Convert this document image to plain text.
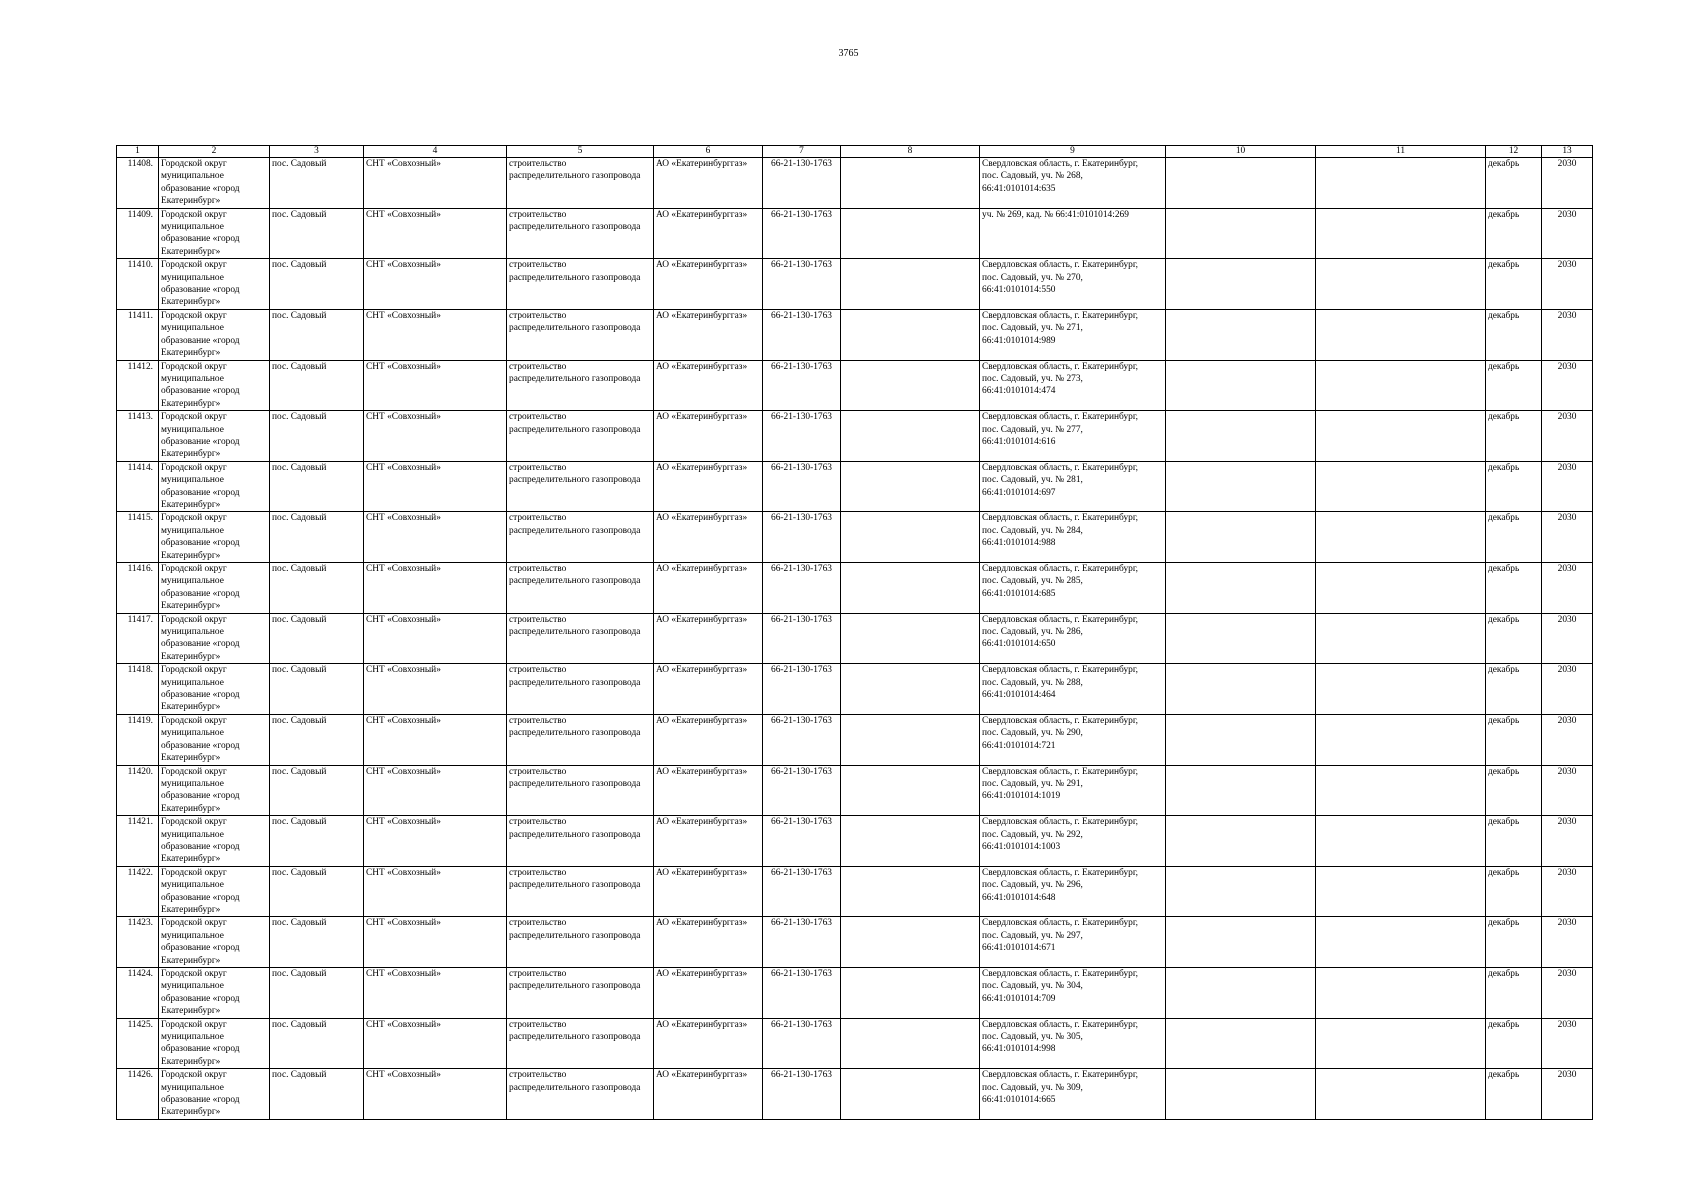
3765
1	2	3	4	5	6	7	8	9	10	11	12	13
11408.	Городской округ
муниципальное
образование «город
Екатеринбург»	пос. Садовый	СНТ «Совхозный»	строительство
распределительного газопровода	АО «Екатеринбурггаз»	66-21-130-1763		Свердловская область, г. Екатеринбург,
пос. Садовый, уч. № 268,
66:41:0101014:635			декабрь	2030
11409.	Городской округ
муниципальное
образование «город
Екатеринбург»	пос. Садовый	СНТ «Совхозный»	строительство
распределительного газопровода	АО «Екатеринбурггаз»	66-21-130-1763		уч. № 269, кад. № 66:41:0101014:269			декабрь	2030
11410.	Городской округ
муниципальное
образование «город
Екатеринбург»	пос. Садовый	СНТ «Совхозный»	строительство
распределительного газопровода	АО «Екатеринбурггаз»	66-21-130-1763		Свердловская область, г. Екатеринбург,
пос. Садовый, уч. № 270,
66:41:0101014:550			декабрь	2030
11411.	Городской округ
муниципальное
образование «город
Екатеринбург»	пос. Садовый	СНТ «Совхозный»	строительство
распределительного газопровода	АО «Екатеринбурггаз»	66-21-130-1763		Свердловская область, г. Екатеринбург,
пос. Садовый, уч. № 271,
66:41:0101014:989			декабрь	2030
11412.	Городской округ
муниципальное
образование «город
Екатеринбург»	пос. Садовый	СНТ «Совхозный»	строительство
распределительного газопровода	АО «Екатеринбурггаз»	66-21-130-1763		Свердловская область, г. Екатеринбург,
пос. Садовый, уч. № 273,
66:41:0101014:474			декабрь	2030
11413.	Городской округ
муниципальное
образование «город
Екатеринбург»	пос. Садовый	СНТ «Совхозный»	строительство
распределительного газопровода	АО «Екатеринбурггаз»	66-21-130-1763		Свердловская область, г. Екатеринбург,
пос. Садовый, уч. № 277,
66:41:0101014:616			декабрь	2030
11414.	Городской округ
муниципальное
образование «город
Екатеринбург»	пос. Садовый	СНТ «Совхозный»	строительство
распределительного газопровода	АО «Екатеринбурггаз»	66-21-130-1763		Свердловская область, г. Екатеринбург,
пос. Садовый, уч. № 281,
66:41:0101014:697			декабрь	2030
11415.	Городской округ
муниципальное
образование «город
Екатеринбург»	пос. Садовый	СНТ «Совхозный»	строительство
распределительного газопровода	АО «Екатеринбурггаз»	66-21-130-1763		Свердловская область, г. Екатеринбург,
пос. Садовый, уч. № 284,
66:41:0101014:988			декабрь	2030
11416.	Городской округ
муниципальное
образование «город
Екатеринбург»	пос. Садовый	СНТ «Совхозный»	строительство
распределительного газопровода	АО «Екатеринбурггаз»	66-21-130-1763		Свердловская область, г. Екатеринбург,
пос. Садовый, уч. № 285,
66:41:0101014:685			декабрь	2030
11417.	Городской округ
муниципальное
образование «город
Екатеринбург»	пос. Садовый	СНТ «Совхозный»	строительство
распределительного газопровода	АО «Екатеринбурггаз»	66-21-130-1763		Свердловская область, г. Екатеринбург,
пос. Садовый, уч. № 286,
66:41:0101014:650			декабрь	2030
11418.	Городской округ
муниципальное
образование «город
Екатеринбург»	пос. Садовый	СНТ «Совхозный»	строительство
распределительного газопровода	АО «Екатеринбурггаз»	66-21-130-1763		Свердловская область, г. Екатеринбург,
пос. Садовый, уч. № 288,
66:41:0101014:464			декабрь	2030
11419.	Городской округ
муниципальное
образование «город
Екатеринбург»	пос. Садовый	СНТ «Совхозный»	строительство
распределительного газопровода	АО «Екатеринбурггаз»	66-21-130-1763		Свердловская область, г. Екатеринбург,
пос. Садовый, уч. № 290,
66:41:0101014:721			декабрь	2030
11420.	Городской округ
муниципальное
образование «город
Екатеринбург»	пос. Садовый	СНТ «Совхозный»	строительство
распределительного газопровода	АО «Екатеринбурггаз»	66-21-130-1763		Свердловская область, г. Екатеринбург,
пос. Садовый, уч. № 291,
66:41:0101014:1019			декабрь	2030
11421.	Городской округ
муниципальное
образование «город
Екатеринбург»	пос. Садовый	СНТ «Совхозный»	строительство
распределительного газопровода	АО «Екатеринбурггаз»	66-21-130-1763		Свердловская область, г. Екатеринбург,
пос. Садовый, уч. № 292,
66:41:0101014:1003			декабрь	2030
11422.	Городской округ
муниципальное
образование «город
Екатеринбург»	пос. Садовый	СНТ «Совхозный»	строительство
распределительного газопровода	АО «Екатеринбурггаз»	66-21-130-1763		Свердловская область, г. Екатеринбург,
пос. Садовый, уч. № 296,
66:41:0101014:648			декабрь	2030
11423.	Городской округ
муниципальное
образование «город
Екатеринбург»	пос. Садовый	СНТ «Совхозный»	строительство
распределительного газопровода	АО «Екатеринбурггаз»	66-21-130-1763		Свердловская область, г. Екатеринбург,
пос. Садовый, уч. № 297,
66:41:0101014:671			декабрь	2030
11424.	Городской округ
муниципальное
образование «город
Екатеринбург»	пос. Садовый	СНТ «Совхозный»	строительство
распределительного газопровода	АО «Екатеринбурггаз»	66-21-130-1763		Свердловская область, г. Екатеринбург,
пос. Садовый, уч. № 304,
66:41:0101014:709			декабрь	2030
11425.	Городской округ
муниципальное
образование «город
Екатеринбург»	пос. Садовый	СНТ «Совхозный»	строительство
распределительного газопровода	АО «Екатеринбурггаз»	66-21-130-1763		Свердловская область, г. Екатеринбург,
пос. Садовый, уч. № 305,
66:41:0101014:998			декабрь	2030
11426.	Городской округ
муниципальное
образование «город
Екатеринбург»	пос. Садовый	СНТ «Совхозный»	строительство
распределительного газопровода	АО «Екатеринбурггаз»	66-21-130-1763		Свердловская область, г. Екатеринбург,
пос. Садовый, уч. № 309,
66:41:0101014:665			декабрь	2030
